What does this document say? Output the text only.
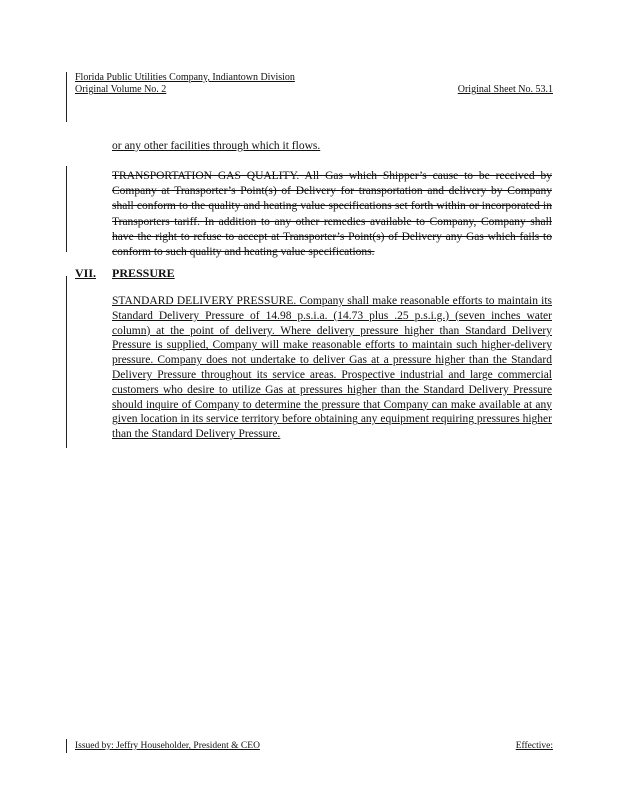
Florida Public Utilities Company, Indiantown Division
Original Volume No. 2	Original Sheet No. 53.1
or any other facilities through which it flows.
TRANSPORTATION GAS QUALITY. All Gas which Shipper’s cause to be received by Company at Transporter’s Point(s) of Delivery for transportation and delivery by Company shall conform to the quality and heating value specifications set forth within or incorporated in Transporters tariff. In addition to any other remedies available to Company, Company shall have the right to refuse to accept at Transporter’s Point(s) of Delivery any Gas which fails to conform to such quality and heating value specifications.
VII. PRESSURE
STANDARD DELIVERY PRESSURE. Company shall make reasonable efforts to maintain its Standard Delivery Pressure of 14.98 p.s.i.a. (14.73 plus .25 p.s.i.g.) (seven inches water column) at the point of delivery. Where delivery pressure higher than Standard Delivery Pressure is supplied, Company will make reasonable efforts to maintain such higher-delivery pressure. Company does not undertake to deliver Gas at a pressure higher than the Standard Delivery Pressure throughout its service areas. Prospective industrial and large commercial customers who desire to utilize Gas at pressures higher than the Standard Delivery Pressure should inquire of Company to determine the pressure that Company can make available at any given location in its service territory before obtaining any equipment requiring pressures higher than the Standard Delivery Pressure.
Issued by: Jeffry Householder, President & CEO	Effective:
